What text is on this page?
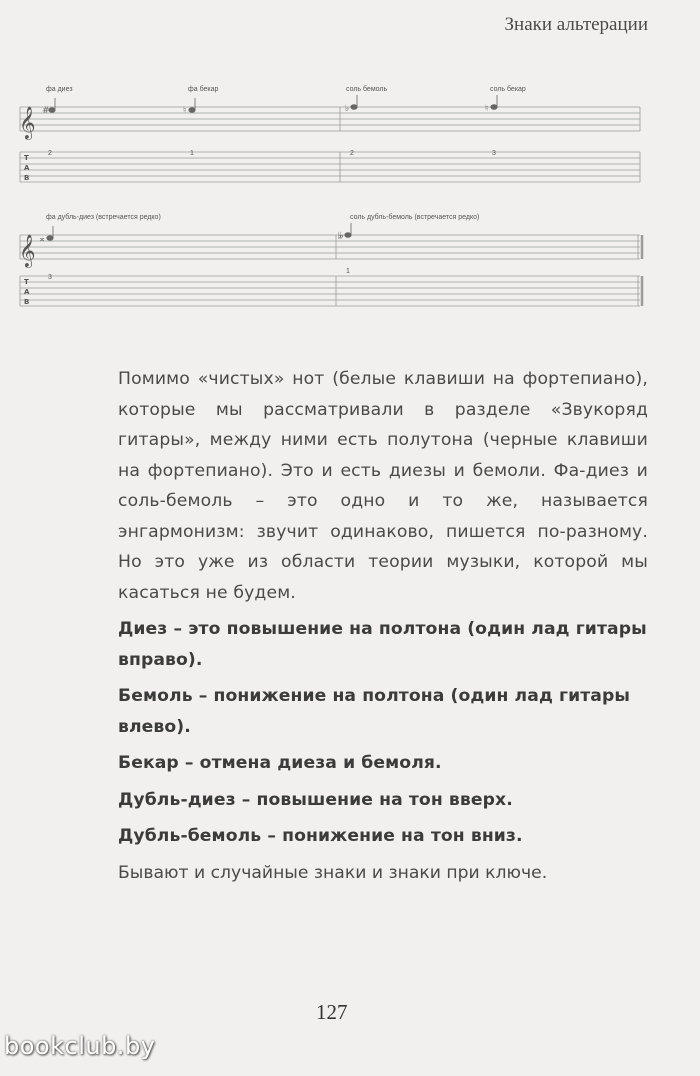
Знаки альтерации
фа диез	фа бекар	соль бемоль	соль бекар
𝄞 #	♮	♭	♮
T
A
B
2	1	2	3
фа дубль-диез (встречается редко)	соль дубль-бемоль (встречается редко)
𝄞 𝄪	𝄫
T
A
B
3
1

Помимо «чистых» нот (белые клавиши на фортепиано), которые мы рассматривали в разделе «Звукоряд гитары», между ними есть полутона (черные клавиши на фортепиано). Это и есть диезы и бемоли. Фа-диез и соль-бемоль – это одно и то же, называется энгармонизм: звучит одинаково, пишется по-разному. Но это уже из области теории музыки, которой мы касаться не будем.

Диез – это повышение на полтона (один лад гитары вправо).

Бемоль – понижение на полтона (один лад гитары влево).

Бекар – отмена диеза и бемоля.

Дубль-диез – повышение на тон вверх.

Дубль-бемоль – понижение на тон вниз.

Бывают и случайные знаки и знаки при ключе.

127
bookclub.by
